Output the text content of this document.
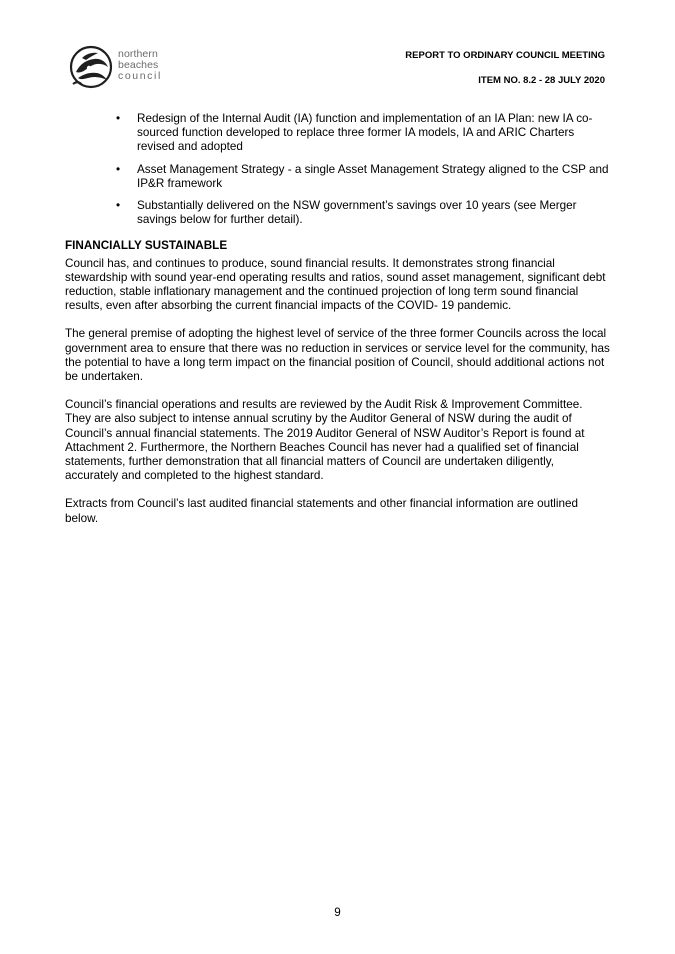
northern
beaches
council
REPORT TO ORDINARY COUNCIL MEETING
ITEM NO. 8.2 - 28 JULY 2020
• Redesign of the Internal Audit (IA) function and implementation of an IA Plan: new IA co- sourced function developed to replace three former IA models, IA and ARIC Charters revised and adopted
• Asset Management Strategy - a single Asset Management Strategy aligned to the CSP and IP&R framework
• Substantially delivered on the NSW government’s savings over 10 years (see Merger savings below for further detail).
FINANCIALLY SUSTAINABLE

Council has, and continues to produce, sound financial results. It demonstrates strong financial stewardship with sound year-end operating results and ratios, sound asset management, significant debt reduction, stable inflationary management and the continued projection of long term sound financial results, even after absorbing the current financial impacts of the COVID- 19 pandemic.

The general premise of adopting the highest level of service of the three former Councils across the local government area to ensure that there was no reduction in services or service level for the community, has the potential to have a long term impact on the financial position of Council, should additional actions not be undertaken.

Council’s financial operations and results are reviewed by the Audit Risk & Improvement Committee. They are also subject to intense annual scrutiny by the Auditor General of NSW during the audit of Council’s annual financial statements. The 2019 Auditor General of NSW Auditor’s Report is found at Attachment 2. Furthermore, the Northern Beaches Council has never had a qualified set of financial statements, further demonstration that all financial matters of Council are undertaken diligently, accurately and completed to the highest standard.

Extracts from Council’s last audited financial statements and other financial information are outlined below.

9
